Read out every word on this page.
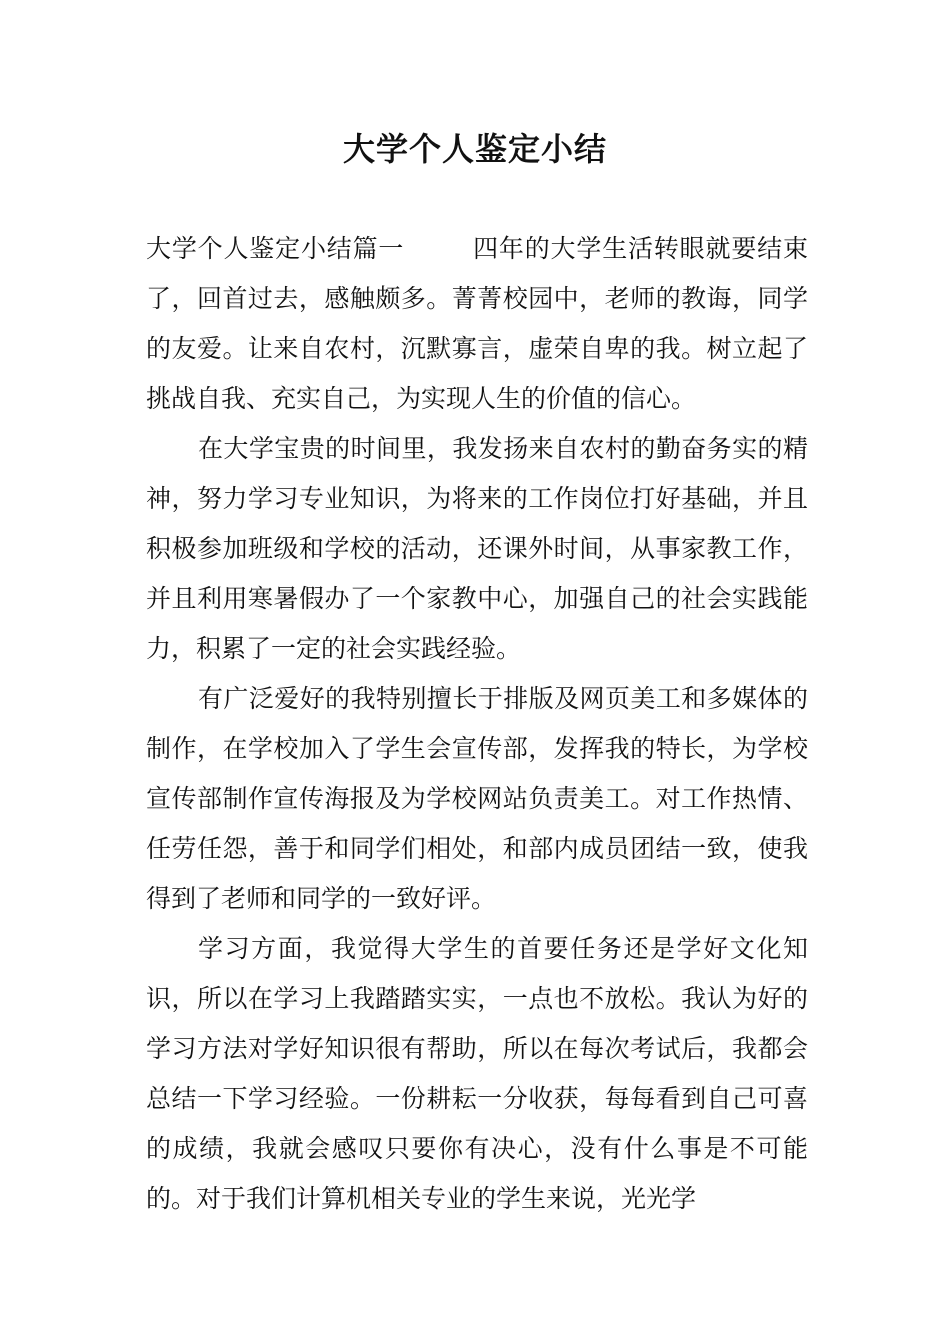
大学个人鉴定小结

大学个人鉴定小结篇一	四年的大学生活转眼就要结束了，回首过去，感触颇多。菁菁校园中，老师的教诲，同学的友爱。让来自农村，沉默寡言，虚荣自卑的我。树立起了挑战自我、充实自己，为实现人生的价值的信心。

在大学宝贵的时间里，我发扬来自农村的勤奋务实的精神，努力学习专业知识，为将来的工作岗位打好基础，并且积极参加班级和学校的活动，还课外时间，从事家教工作，并且利用寒暑假办了一个家教中心，加强自己的社会实践能力，积累了一定的社会实践经验。

有广泛爱好的我特别擅长于排版及网页美工和多媒体的制作，在学校加入了学生会宣传部，发挥我的特长，为学校宣传部制作宣传海报及为学校网站负责美工。对工作热情、任劳任怨，善于和同学们相处，和部内成员团结一致，使我得到了老师和同学的一致好评。

学习方面，我觉得大学生的首要任务还是学好文化知识，所以在学习上我踏踏实实，一点也不放松。我认为好的学习方法对学好知识很有帮助，所以在每次考试后，我都会总结一下学习经验。一份耕耘一分收获，每每看到自己可喜的成绩，我就会感叹只要你有决心，没有什么事是不可能的。对于我们计算机相关专业的学生来说，光光学
